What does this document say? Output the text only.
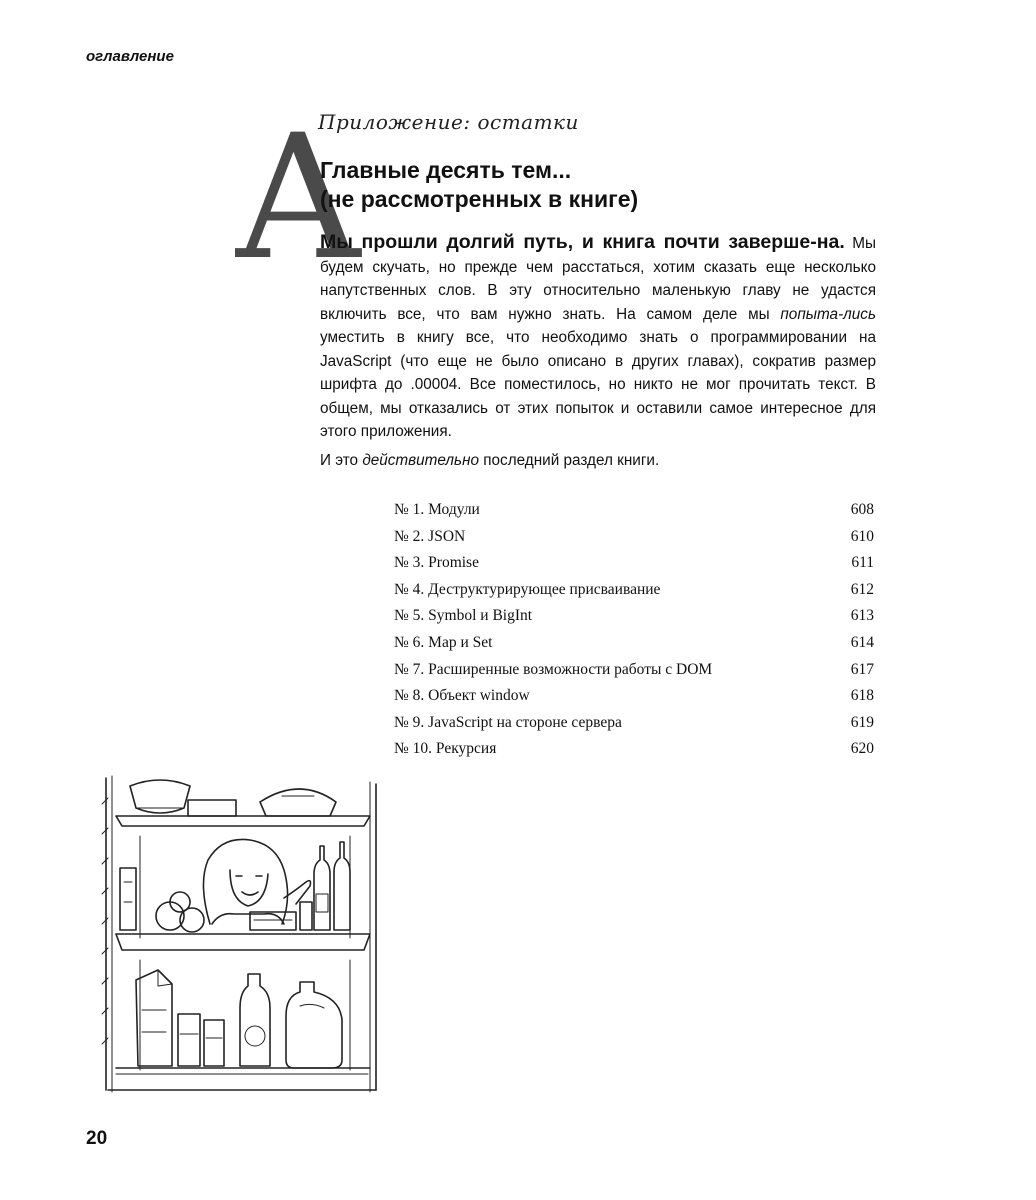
оглавление
A
Приложение: остатки
Главные десять тем...
(не рассмотренных в книге)

Мы прошли долгий путь, и книга почти заверше-на. Мы будем скучать, но прежде чем расстаться, хотим сказать еще несколько напутственных слов. В эту относительно маленькую главу не удастся включить все, что вам нужно знать. На самом деле мы попыта-лись уместить в книгу все, что необходимо знать о программировании на JavaScript (что еще не было описано в других главах), сократив размер шрифта до .00004. Все поместилось, но никто не мог прочитать текст. В общем, мы отказались от этих попыток и оставили самое интересное для этого приложения.

И это действительно последний раздел книги.

№ 1. Модули	608
№ 2. JSON	610
№ 3. Promise	611
№ 4. Деструктурирующее присваивание	612
№ 5. Symbol и BigInt	613
№ 6. Map и Set	614
№ 7. Расширенные возможности работы с DOM	617
№ 8. Объект window	618
№ 9. JavaScript на стороне сервера	619
№ 10. Рекурсия	620
20
